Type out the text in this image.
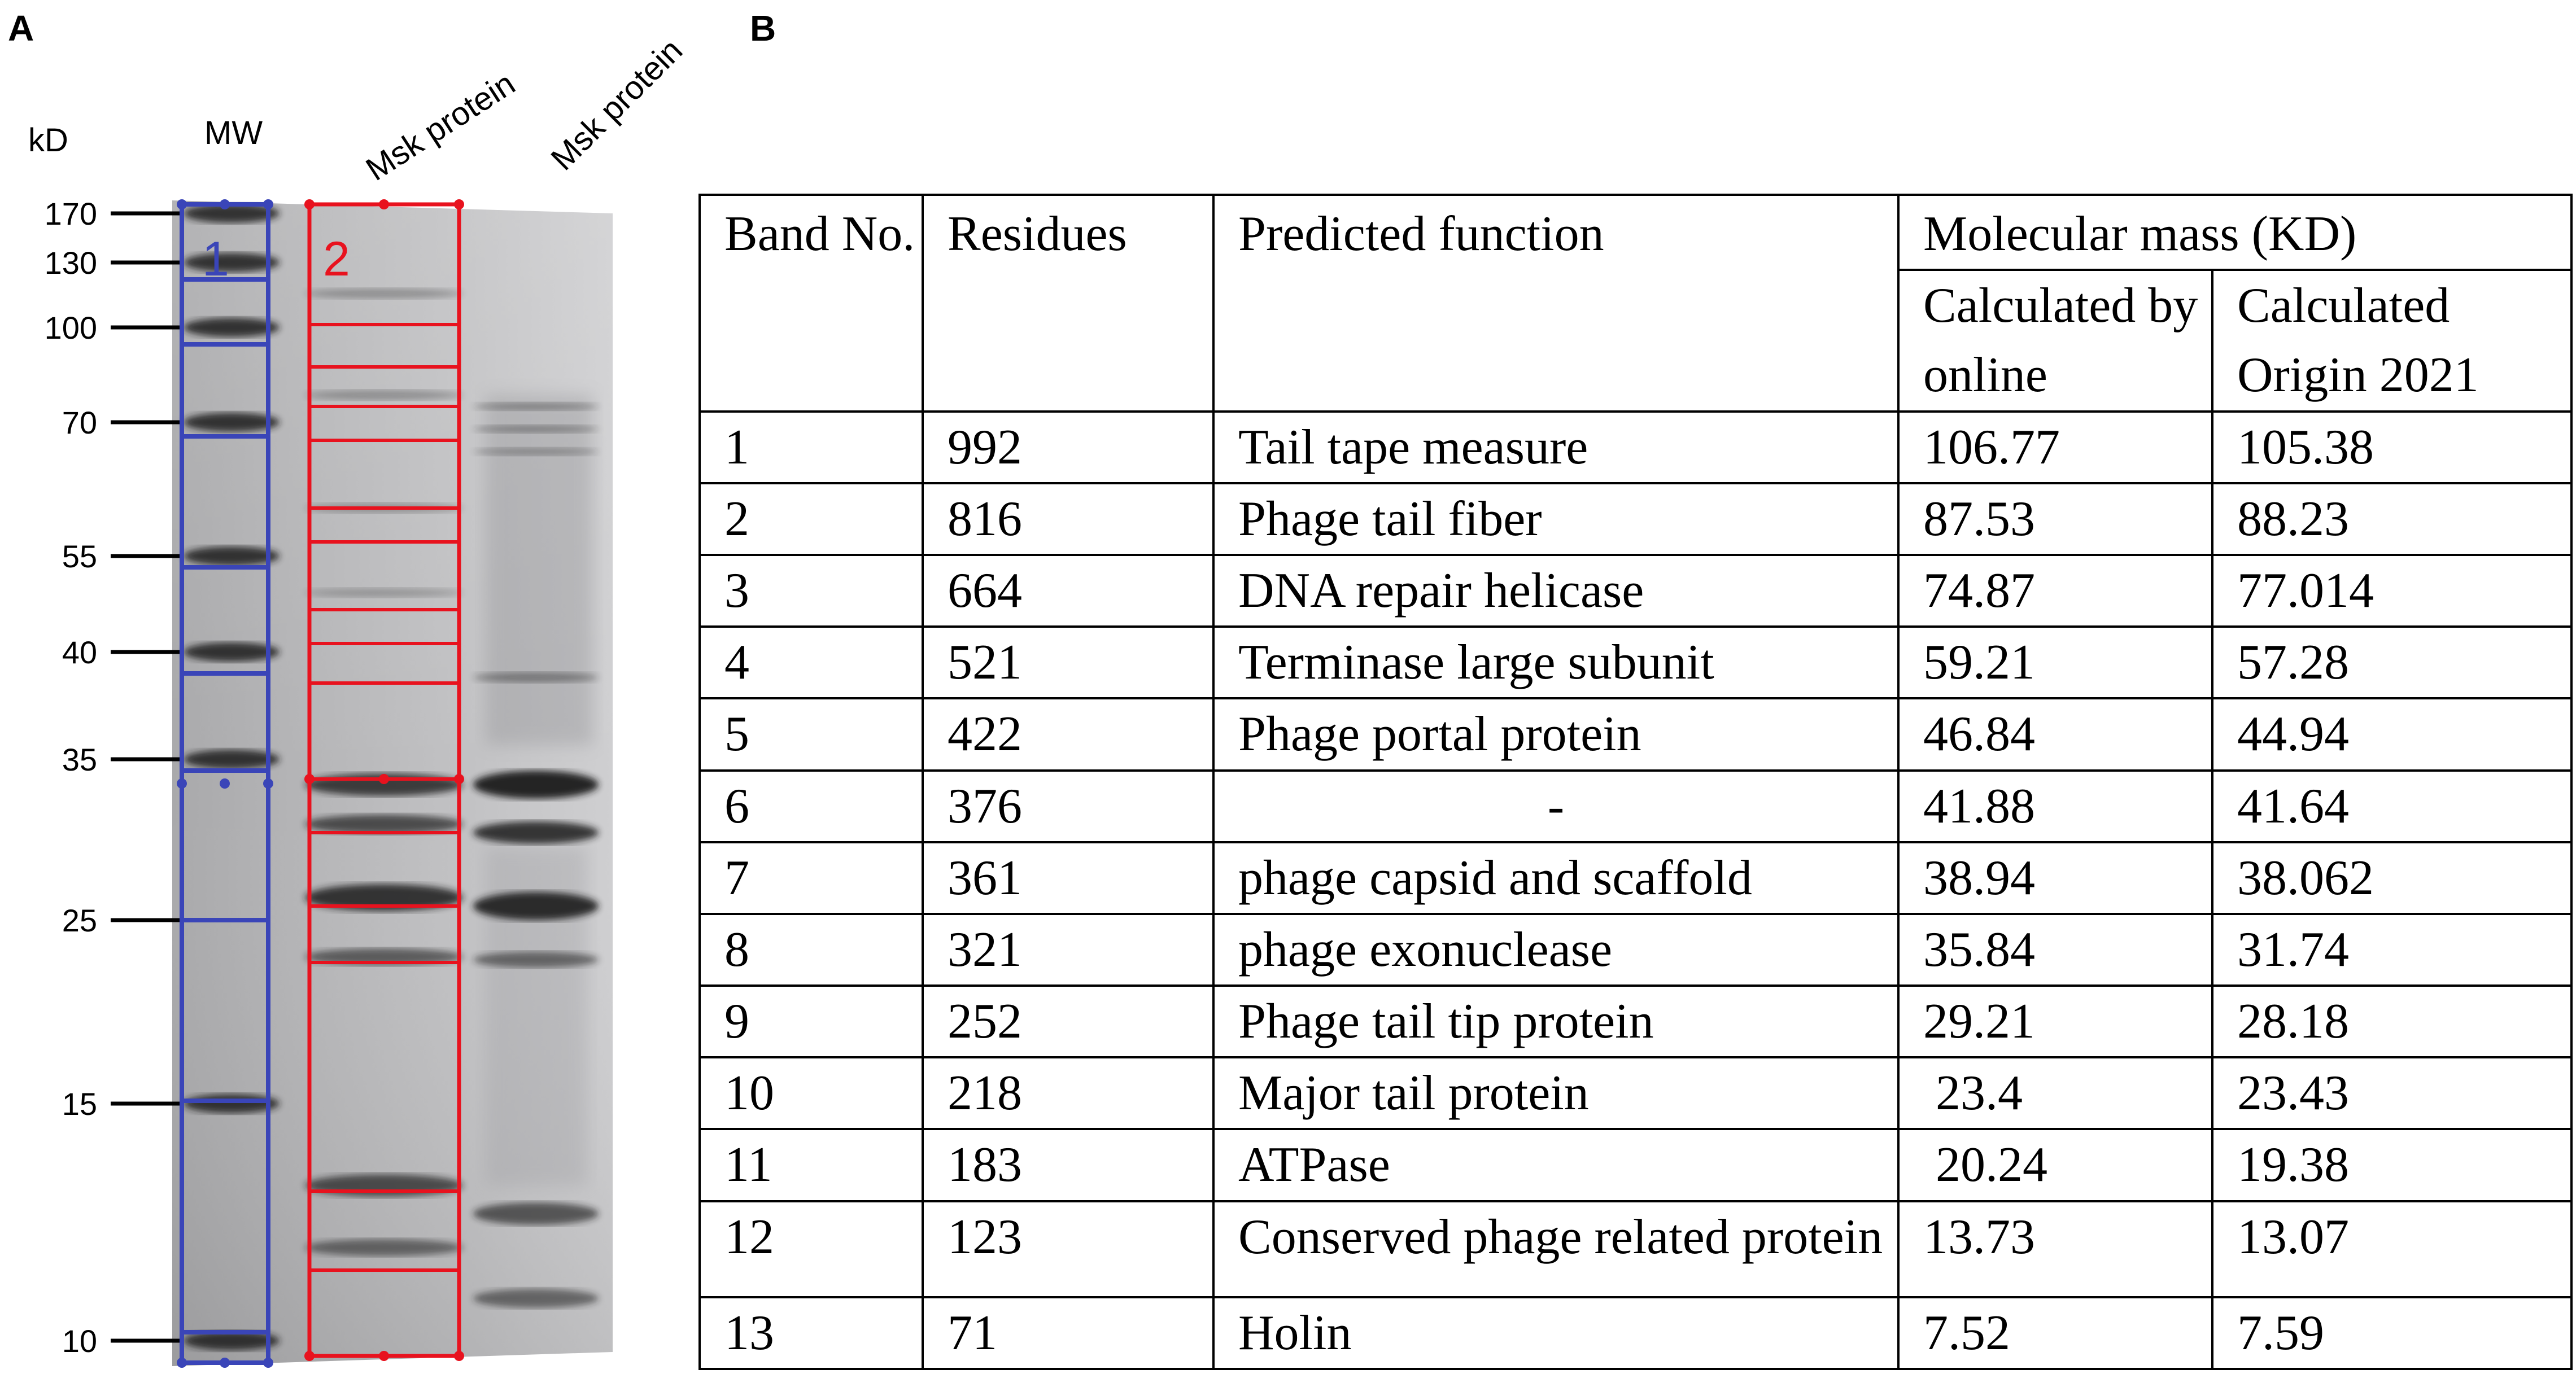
A	B
170
130
100
70
55
40
35
25
15
10
kD	MW	Msk protein Msk protein
1 2	Band No.	Residues	Predicted function	Molecular mass (KD)	
			Calculated by online	Calculated Origin 2021
1	992	Tail tape measure	106.77	105.38
2	816	Phage tail fiber	87.53	88.23
3	664	DNA repair helicase	74.87	77.014
4	521	Terminase large subunit	59.21	57.28
5	422	Phage portal protein	46.84	44.94
6	376	-	41.88	41.64
7	361	phage capsid and scaffold	38.94	38.062
8	321	phage exonuclease	35.84	31.74
9	252	Phage tail tip protein	29.21	28.18
10	218	Major tail protein	23.4	23.43
11	183	ATPase	20.24	19.38
12	123	Conserved phage related protein	13.73	13.07
13	71	Holin	7.52	7.59
